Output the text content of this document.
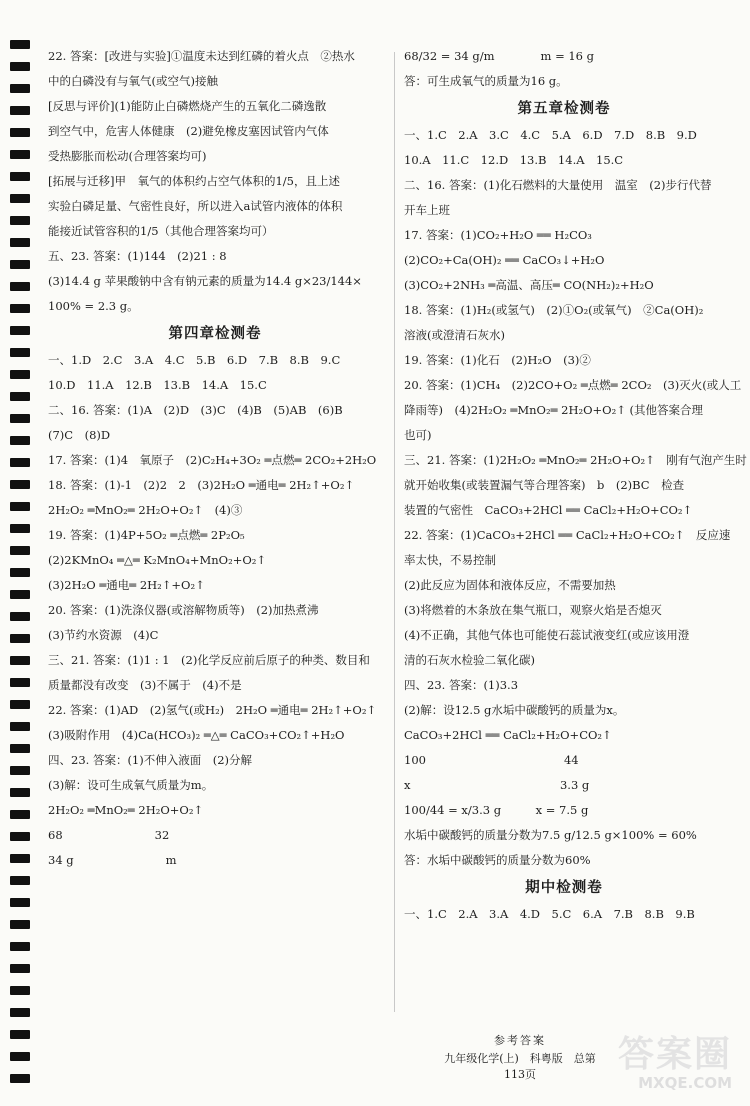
22. 答案：[改进与实验]①温度未达到红磷的着火点　②热水
中的白磷没有与氧气(或空气)接触
[反思与评价](1)能防止白磷燃烧产生的五氧化二磷逸散
到空气中，危害人体健康　(2)避免橡皮塞因试管内气体
受热膨胀而松动(合理答案均可)
[拓展与迁移]甲　氧气的体积约占空气体积的1/5，且上述
实验白磷足量、气密性良好，所以进入a试管内液体的体积
能接近试管容积的1/5（其他合理答案均可）
五、23. 答案：(1)144　(2)21 : 8
(3)14.4 g 苹果酸钠中含有钠元素的质量为14.4 g×23/144×
100% = 2.3 g。
第四章检测卷
一、1.D　2.C　3.A　4.C　5.B　6.D　7.B　8.B　9.C
10.D　11.A　12.B　13.B　14.A　15.C
二、16. 答案：(1)A　(2)D　(3)C　(4)B　(5)AB　(6)B
(7)C　(8)D
17. 答案：(1)4　氧原子　(2)C₂H₄+3O₂ ═点燃═ 2CO₂+2H₂O
18. 答案：(1)-1　(2)2　2　(3)2H₂O ═通电═ 2H₂↑+O₂↑
2H₂O₂ ═MnO₂═ 2H₂O+O₂↑　(4)③
19. 答案：(1)4P+5O₂ ═点燃═ 2P₂O₅
(2)2KMnO₄ ═△═ K₂MnO₄+MnO₂+O₂↑
(3)2H₂O ═通电═ 2H₂↑+O₂↑
20. 答案：(1)洗涤仪器(或溶解物质等)　(2)加热煮沸
(3)节约水资源　(4)C
三、21. 答案：(1)1 : 1　(2)化学反应前后原子的种类、数目和
质量都没有改变　(3)不属于　(4)不是
22. 答案：(1)AD　(2)氢气(或H₂)　2H₂O ═通电═ 2H₂↑+O₂↑
(3)吸附作用　(4)Ca(HCO₃)₂ ═△═ CaCO₃+CO₂↑+H₂O
四、23. 答案：(1)不伸入液面　(2)分解
(3)解：设可生成氧气质量为m。
2H₂O₂ ═MnO₂═ 2H₂O+O₂↑
68　　　　　　　　32
34 g　　　　　　　　m
68/32 = 34 g/m　　　　m = 16 g
答：可生成氧气的质量为16 g。
第五章检测卷
一、1.C　2.A　3.C　4.C　5.A　6.D　7.D　8.B　9.D
10.A　11.C　12.D　13.B　14.A　15.C
二、16. 答案：(1)化石燃料的大量使用　温室　(2)步行代替
开车上班
17. 答案：(1)CO₂+H₂O ══ H₂CO₃
(2)CO₂+Ca(OH)₂ ══ CaCO₃↓+H₂O
(3)CO₂+2NH₃ ═高温、高压═ CO(NH₂)₂+H₂O
18. 答案：(1)H₂(或氢气)　(2)①O₂(或氧气)　②Ca(OH)₂
溶液(或澄清石灰水)
19. 答案：(1)化石　(2)H₂O　(3)②
20. 答案：(1)CH₄　(2)2CO+O₂ ═点燃═ 2CO₂　(3)灭火(或人工
降雨等)　(4)2H₂O₂ ═MnO₂═ 2H₂O+O₂↑ (其他答案合理
也可)
三、21. 答案：(1)2H₂O₂ ═MnO₂═ 2H₂O+O₂↑　刚有气泡产生时
就开始收集(或装置漏气等合理答案)　b　(2)BC　检查
装置的气密性　CaCO₃+2HCl ══ CaCl₂+H₂O+CO₂↑
22. 答案：(1)CaCO₃+2HCl ══ CaCl₂+H₂O+CO₂↑　反应速
率太快，不易控制
(2)此反应为固体和液体反应，不需要加热
(3)将燃着的木条放在集气瓶口，观察火焰是否熄灭
(4)不正确，其他气体也可能使石蕊试液变红(或应该用澄
清的石灰水检验二氧化碳)
四、23. 答案：(1)3.3
(2)解：设12.5 g水垢中碳酸钙的质量为x。
CaCO₃+2HCl ══ CaCl₂+H₂O+CO₂↑
100　　　　　　　　　　　　44
x　　　　　　　　　　　　　3.3 g
100/44 = x/3.3 g　　　x = 7.5 g
水垢中碳酸钙的质量分数为7.5 g/12.5 g×100% = 60%
答：水垢中碳酸钙的质量分数为60%
期中检测卷
一、1.C　2.A　3.A　4.D　5.C　6.A　7.B　8.B　9.B
参考答案
九年级化学(上)　科粤版　总第113页	答案圈
MXQE.COM
